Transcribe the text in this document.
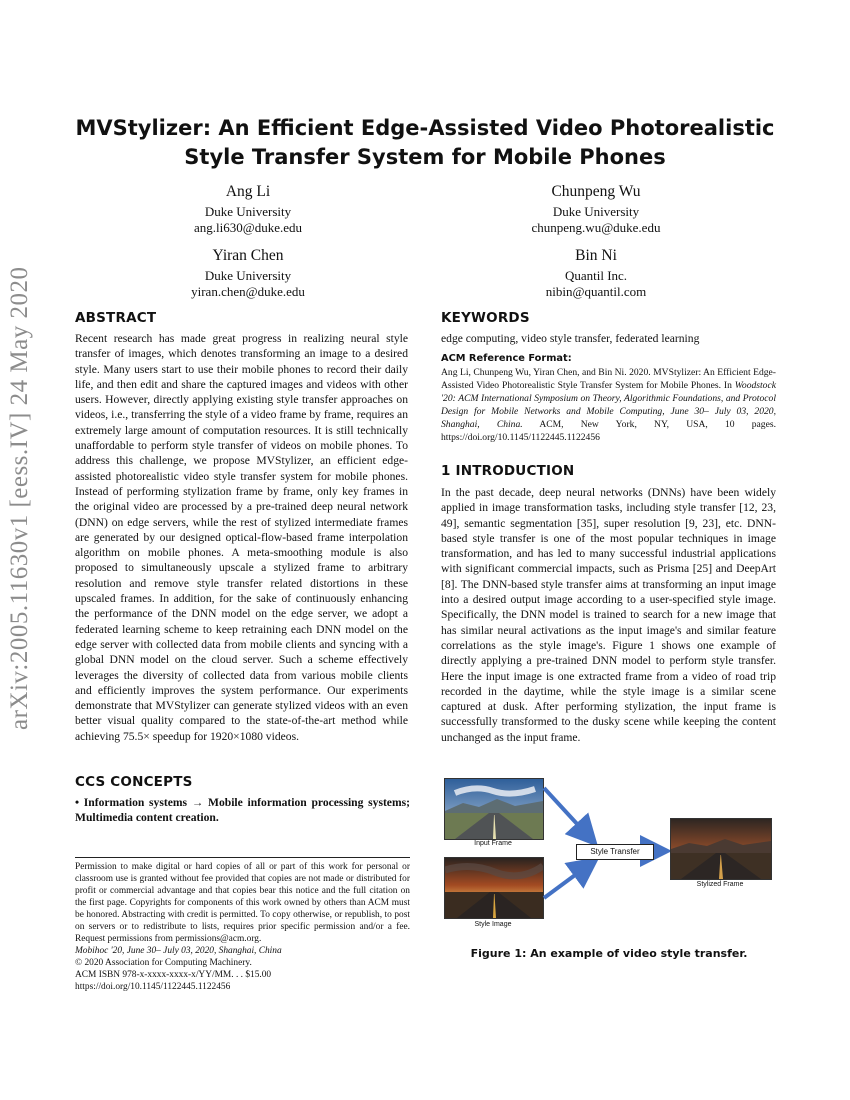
arXiv:2005.11630v1 [eess.IV] 24 May 2020
MVStylizer: An Efficient Edge-Assisted Video Photorealistic Style Transfer System for Mobile Phones
Ang Li
Duke University
ang.li630@duke.edu
Chunpeng Wu
Duke University
chunpeng.wu@duke.edu
Yiran Chen
Duke University
yiran.chen@duke.edu
Bin Ni
Quantil Inc.
nibin@quantil.com
ABSTRACT

Recent research has made great progress in realizing neural style transfer of images, which denotes transforming an image to a desired style. Many users start to use their mobile phones to record their daily life, and then edit and share the captured images and videos with other users. However, directly applying existing style transfer approaches on videos, i.e., transferring the style of a video frame by frame, requires an extremely large amount of computation resources. It is still technically unaffordable to perform style transfer of videos on mobile phones. To address this challenge, we propose MVStylizer, an efficient edge-assisted photorealistic video style transfer system for mobile phones. Instead of performing stylization frame by frame, only key frames in the original video are processed by a pre-trained deep neural network (DNN) on edge servers, while the rest of stylized intermediate frames are generated by our designed optical-flow-based frame interpolation algorithm on mobile phones. A meta-smoothing module is also proposed to simultaneously upscale a stylized frame to arbitrary resolution and remove style transfer related distortions in these upscaled frames. In addition, for the sake of continuously enhancing the performance of the DNN model on the edge server, we adopt a federated learning scheme to keep retraining each DNN model on the edge server with collected data from mobile clients and syncing with a global DNN model on the cloud server. Such a scheme effectively leverages the diversity of collected data from various mobile clients and efficiently improves the system performance. Our experiments demonstrate that MVStylizer can generate stylized videos with an even better visual quality compared to the state-of-the-art method while achieving 75.5× speedup for 1920×1080 videos.

CCS CONCEPTS

• Information systems → Mobile information processing systems; Multimedia content creation.

Permission to make digital or hard copies of all or part of this work for personal or classroom use is granted without fee provided that copies are not made or distributed for profit or commercial advantage and that copies bear this notice and the full citation on the first page. Copyrights for components of this work owned by others than ACM must be honored. Abstracting with credit is permitted. To copy otherwise, or republish, to post on servers or to redistribute to lists, requires prior specific permission and/or a fee. Request permissions from permissions@acm.org.

Mobihoc '20, June 30– July 03, 2020, Shanghai, China
© 2020 Association for Computing Machinery.
ACM ISBN 978-x-xxxx-xxxx-x/YY/MM. . . $15.00
https://doi.org/10.1145/1122445.1122456
KEYWORDS

edge computing, video style transfer, federated learning

ACM Reference Format:

Ang Li, Chunpeng Wu, Yiran Chen, and Bin Ni. 2020. MVStylizer: An Efficient Edge-Assisted Video Photorealistic Style Transfer System for Mobile Phones. In Woodstock '20: ACM International Symposium on Theory, Algorithmic Foundations, and Protocol Design for Mobile Networks and Mobile Computing, June 30– July 03, 2020, Shanghai, China. ACM, New York, NY, USA, 10 pages. https://doi.org/10.1145/1122445.1122456

1 INTRODUCTION

In the past decade, deep neural networks (DNNs) have been widely applied in image transformation tasks, including style transfer [12, 23, 49], semantic segmentation [35], super resolution [9, 23], etc. DNN-based style transfer is one of the most popular techniques in image transformation, and has led to many successful industrial applications with significant commercial impacts, such as Prisma [25] and DeepArt [8]. The DNN-based style transfer aims at transforming an input image into a desired output image according to a user-specified style image. Specifically, the DNN model is trained to search for a new image that has similar neural activations as the input image's and similar feature correlations as the style image's. Figure 1 shows one example of directly applying a pre-trained DNN model to perform style transfer. Here the input image is one extracted frame from a video of road trip recorded in the daytime, while the style image is a similar scene captured at dusk. After performing stylization, the input frame is successfully transformed to the dusky scene while keeping the content unchanged as the input frame.

Input Frame
Style Image
Style Transfer
Stylized Frame
Figure 1: An example of video style transfer.
